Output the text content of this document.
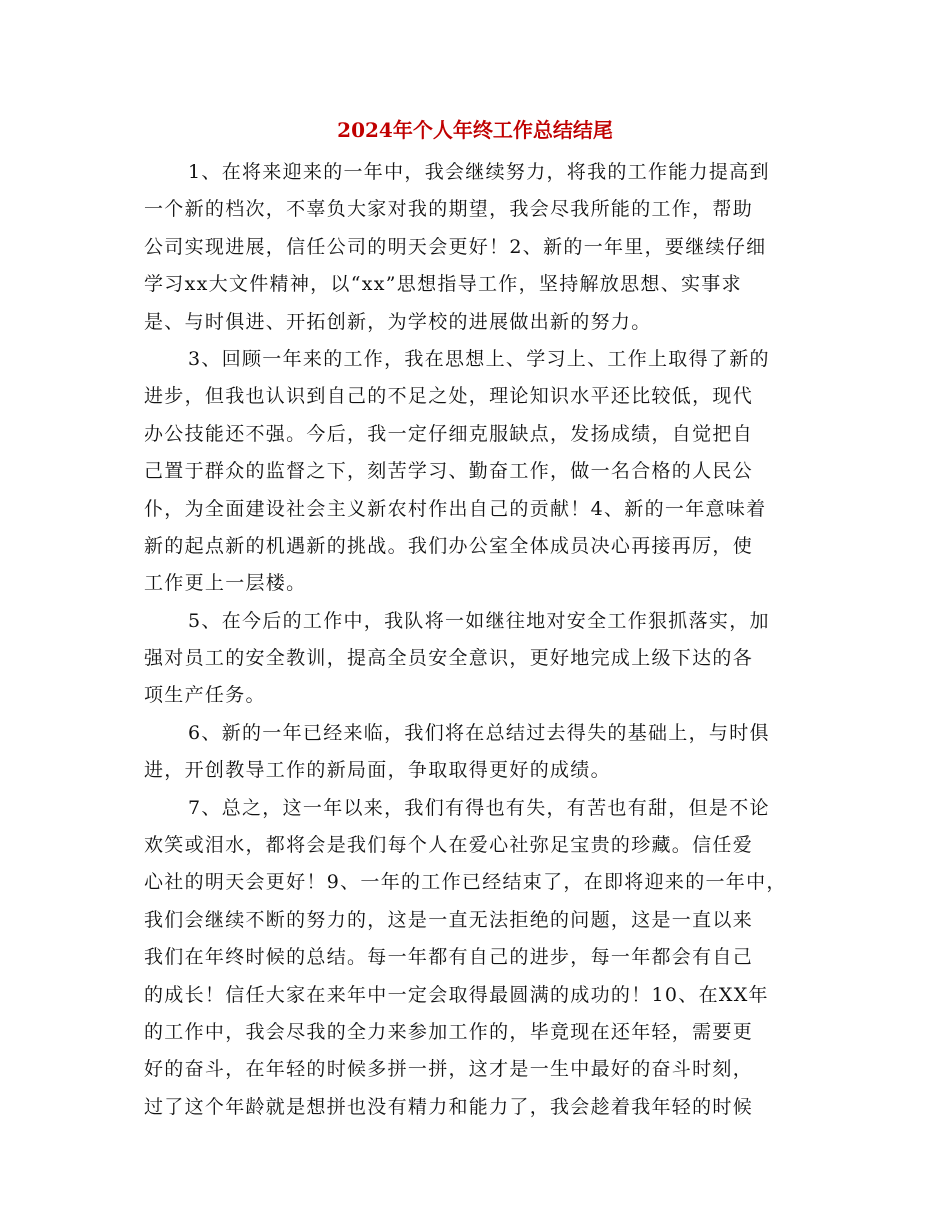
2024年个人年终工作总结结尾
1、在将来迎来的一年中，我会继续努力，将我的工作能力提高到
一个新的档次，不辜负大家对我的期望，我会尽我所能的工作，帮助
公司实现进展，信任公司的明天会更好！2、新的一年里，要继续仔细
学习xx大文件精神，以“xx”思想指导工作，坚持解放思想、实事求
是、与时俱进、开拓创新，为学校的进展做出新的努力。
3、回顾一年来的工作，我在思想上、学习上、工作上取得了新的
进步，但我也认识到自己的不足之处，理论知识水平还比较低，现代
办公技能还不强。今后，我一定仔细克服缺点，发扬成绩，自觉把自
己置于群众的监督之下，刻苦学习、勤奋工作，做一名合格的人民公
仆，为全面建设社会主义新农村作出自己的贡献！4、新的一年意味着
新的起点新的机遇新的挑战。我们办公室全体成员决心再接再厉，使
工作更上一层楼。
5、在今后的工作中，我队将一如继往地对安全工作狠抓落实，加
强对员工的安全教训，提高全员安全意识，更好地完成上级下达的各
项生产任务。
6、新的一年已经来临，我们将在总结过去得失的基础上，与时俱
进，开创教导工作的新局面，争取取得更好的成绩。
7、总之，这一年以来，我们有得也有失，有苦也有甜，但是不论
欢笑或泪水，都将会是我们每个人在爱心社弥足宝贵的珍藏。信任爱
心社的明天会更好！9、一年的工作已经结束了，在即将迎来的一年中，
我们会继续不断的努力的，这是一直无法拒绝的问题，这是一直以来
我们在年终时候的总结。每一年都有自己的进步，每一年都会有自己
的成长！信任大家在来年中一定会取得最圆满的成功的！10、在XX年
的工作中，我会尽我的全力来参加工作的，毕竟现在还年轻，需要更
好的奋斗，在年轻的时候多拼一拼，这才是一生中最好的奋斗时刻，
过了这个年龄就是想拼也没有精力和能力了，我会趁着我年轻的时候
